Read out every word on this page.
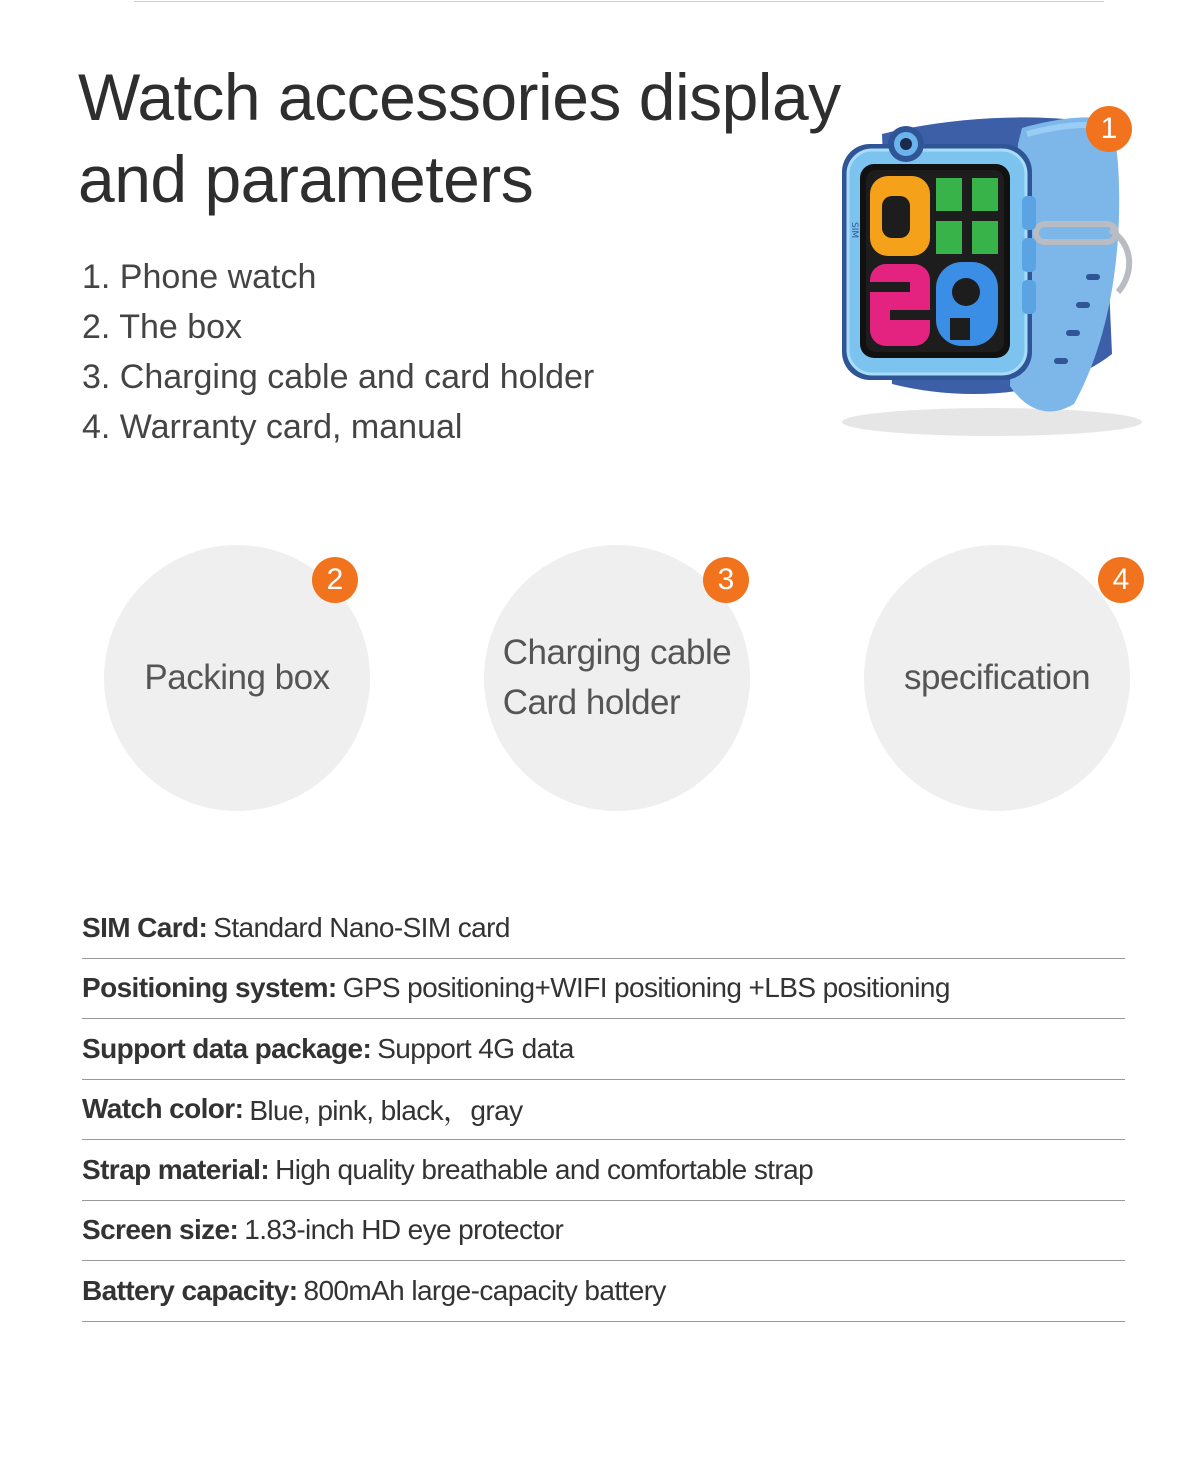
Watch accessories display and parameters
1. Phone watch
2. The box
3. Charging cable and card holder
4. Warranty card, manual
SIM
1
Packing box
2
Charging cable
Card holder
3
specification
4
SIM Card: Standard Nano-SIM card
Positioning system: GPS positioning+WIFI positioning +LBS positioning
Support data package: Support 4G data
Watch color: Blue, pink, black，gray
Strap material: High quality breathable and comfortable strap
Screen size: 1.83-inch HD eye protector
Battery capacity: 800mAh large-capacity battery
